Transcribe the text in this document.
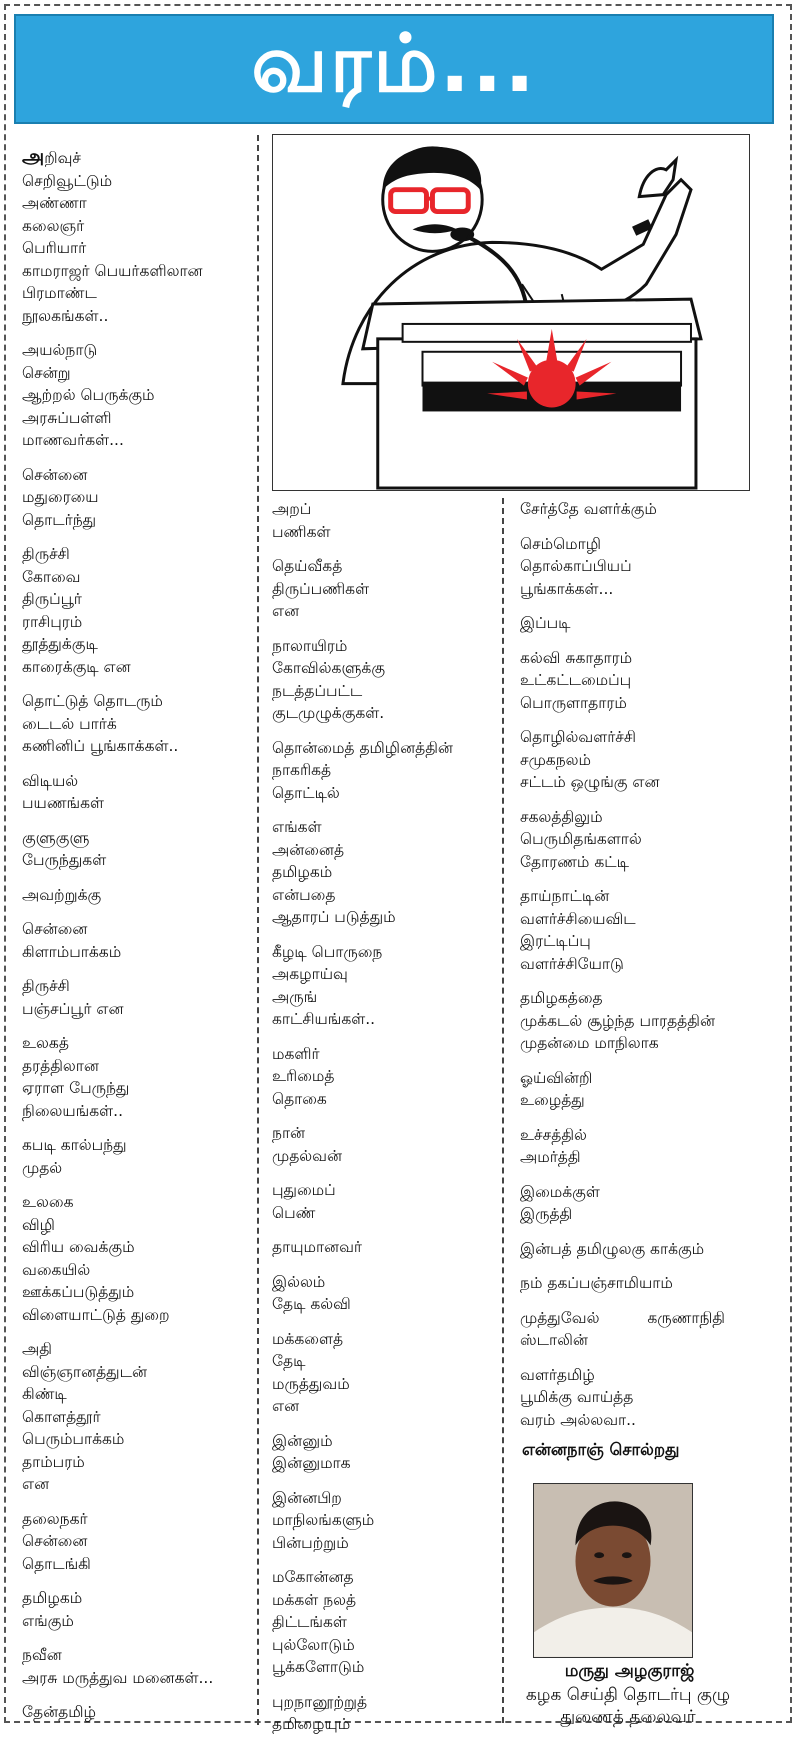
வரம்...
அறிவுச்
செறிவூட்டும்
அண்ணா
கலைஞர்
பெரியார்
காமராஜர் பெயர்களிலான
பிரமாண்ட
நூலகங்கள்..
அயல்நாடு
சென்று
ஆற்றல் பெருக்கும்
அரசுப்பள்ளி
மாணவர்கள்...
சென்னை
மதுரையை
தொடர்ந்து
திருச்சி
கோவை
திருப்பூர்
ராசிபுரம்
தூத்துக்குடி
காரைக்குடி என
தொட்டுத் தொடரும்
டைடல் பார்க்
கணினிப் பூங்காக்கள்..
விடியல்
பயணங்கள்
குளுகுளு
பேருந்துகள்
அவற்றுக்கு
சென்னை
கிளாம்பாக்கம்
திருச்சி
பஞ்சப்பூர் என
உலகத்
தரத்திலான
ஏராள பேருந்து
நிலையங்கள்..
கபடி கால்பந்து
முதல்
உலகை
விழி
விரிய வைக்கும்
வகையில்
ஊக்கப்படுத்தும்
விளையாட்டுத் துறை
அதி
விஞ்ஞானத்துடன்
கிண்டி
கொளத்தூர்
பெரும்பாக்கம்
தாம்பரம்
என
தலைநகர்
சென்னை
தொடங்கி
தமிழகம்
எங்கும்
நவீன
அரசு மருத்துவ மனைகள்...
தேன்தமிழ்
அறப்
பணிகள்
தெய்வீகத்
திருப்பணிகள்
என
நாலாயிரம்
கோவில்களுக்கு
நடத்தப்பட்ட
குடமுழுக்குகள்.
தொன்மைத் தமிழினத்தின்
நாகரிகத்
தொட்டில்
எங்கள்
அன்னைத்
தமிழகம்
என்பதை
ஆதாரப் படுத்தும்
கீழடி பொருநை
அகழாய்வு
அருங்
காட்சியங்கள்..
மகளிர்
உரிமைத்
தொகை
நான்
முதல்வன்
புதுமைப்
பெண்
தாயுமானவர்
இல்லம்
தேடி கல்வி
மக்களைத்
தேடி
மருத்துவம்
என
இன்னும்
இன்னுமாக
இன்னபிற
மாநிலங்களும்
பின்பற்றும்
மகோன்னத
மக்கள் நலத்
திட்டங்கள்
புல்லோடும்
பூக்களோடும்
புறநானூற்றுத்
தமிழையும்
சேர்த்தே வளர்க்கும்
செம்மொழி
தொல்காப்பியப்
பூங்காக்கள்...
இப்படி
கல்வி சுகாதாரம்
உட்கட்டமைப்பு
பொருளாதாரம்
தொழில்வளர்ச்சி
சமுகநலம்
சட்டம் ஒழுங்கு என
சகலத்திலும்
பெருமிதங்களால்
தோரணம் கட்டி
தாய்நாட்டின்
வளர்ச்சியைவிட
இரட்டிப்பு
வளர்ச்சியோடு
தமிழகத்தை
முக்கடல் சூழ்ந்த பாரதத்தின்
முதன்மை மாநிலாக
ஓய்வின்றி
உழைத்து
உச்சத்தில்
அமர்த்தி
இமைக்குள்
இருத்தி
இன்பத் தமிழுலகு காக்கும்
நம் தகப்பஞ்சாமியாம்
முத்துவேல்	கருணாநிதி
ஸ்டாலின்
வளர்தமிழ்
பூமிக்கு வாய்த்த
வரம் அல்லவா..
என்னநாஞ் சொல்றது
மருது அழகுராஜ்
கழக செய்தி தொடர்பு குழு
துணைத் தலைவர்
